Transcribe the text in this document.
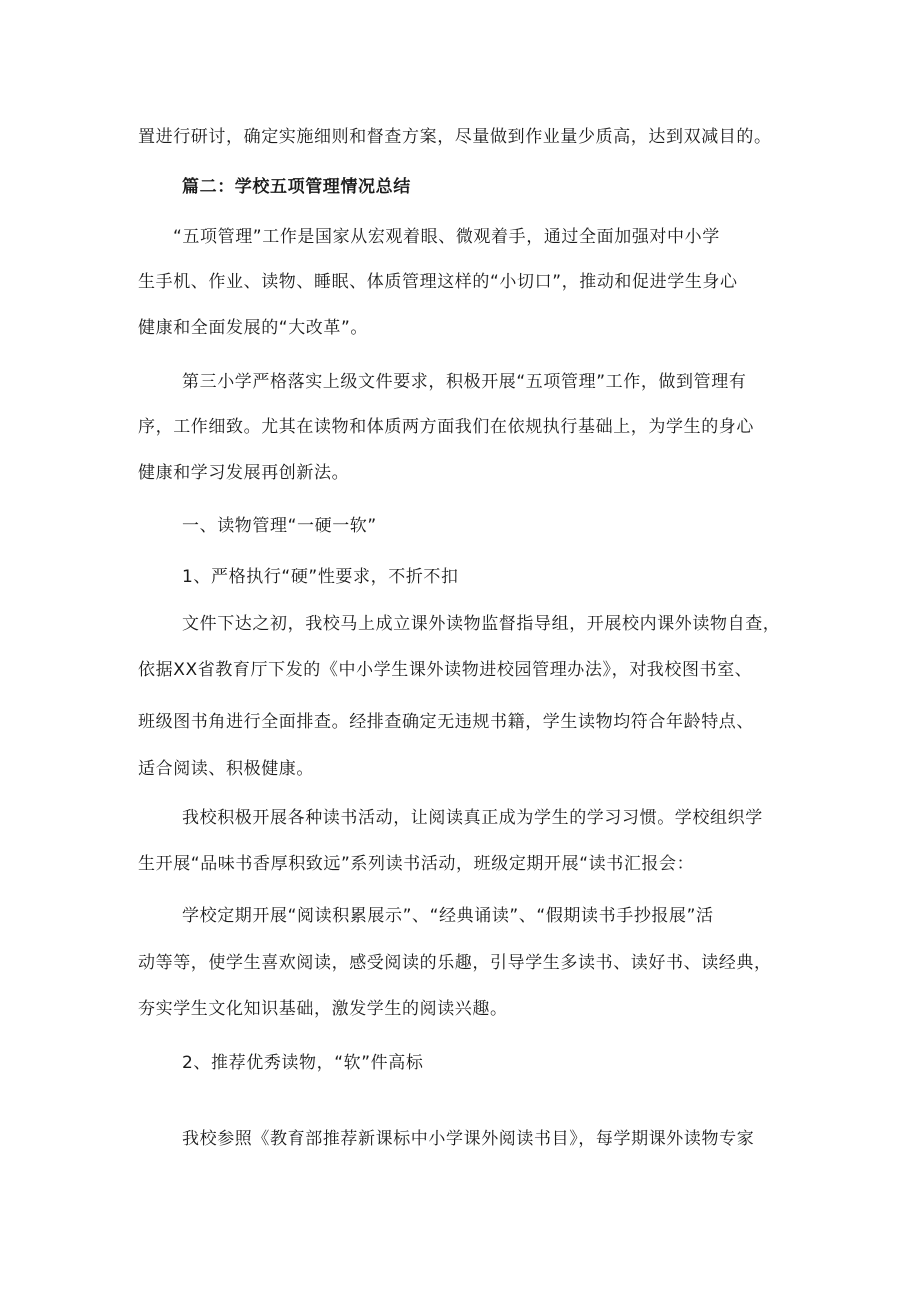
置进行研讨，确定实施细则和督查方案，尽量做到作业量少质高，达到双减目的。
篇二：学校五项管理情况总结
“五项管理”工作是国家从宏观着眼、微观着手，通过全面加强对中小学
生手机、作业、读物、睡眠、体质管理这样的“小切口”，推动和促进学生身心
健康和全面发展的“大改革”。
第三小学严格落实上级文件要求，积极开展“五项管理”工作，做到管理有
序，工作细致。尤其在读物和体质两方面我们在依规执行基础上，为学生的身心
健康和学习发展再创新法。
一、读物管理“一硬一软”
1、严格执行“硬”性要求，不折不扣
文件下达之初，我校马上成立课外读物监督指导组，开展校内课外读物自查，
依据XX省教育厅下发的《中小学生课外读物进校园管理办法》，对我校图书室、
班级图书角进行全面排查。经排查确定无违规书籍，学生读物均符合年龄特点、
适合阅读、积极健康。
我校积极开展各种读书活动，让阅读真正成为学生的学习习惯。学校组织学
生开展“品味书香厚积致远”系列读书活动，班级定期开展“读书汇报会：
学校定期开展“阅读积累展示”、“经典诵读”、“假期读书手抄报展”活
动等等，使学生喜欢阅读，感受阅读的乐趣，引导学生多读书、读好书、读经典，
夯实学生文化知识基础，激发学生的阅读兴趣。
2、推荐优秀读物，“软”件高标
我校参照《教育部推荐新课标中小学课外阅读书目》，每学期课外读物专家
